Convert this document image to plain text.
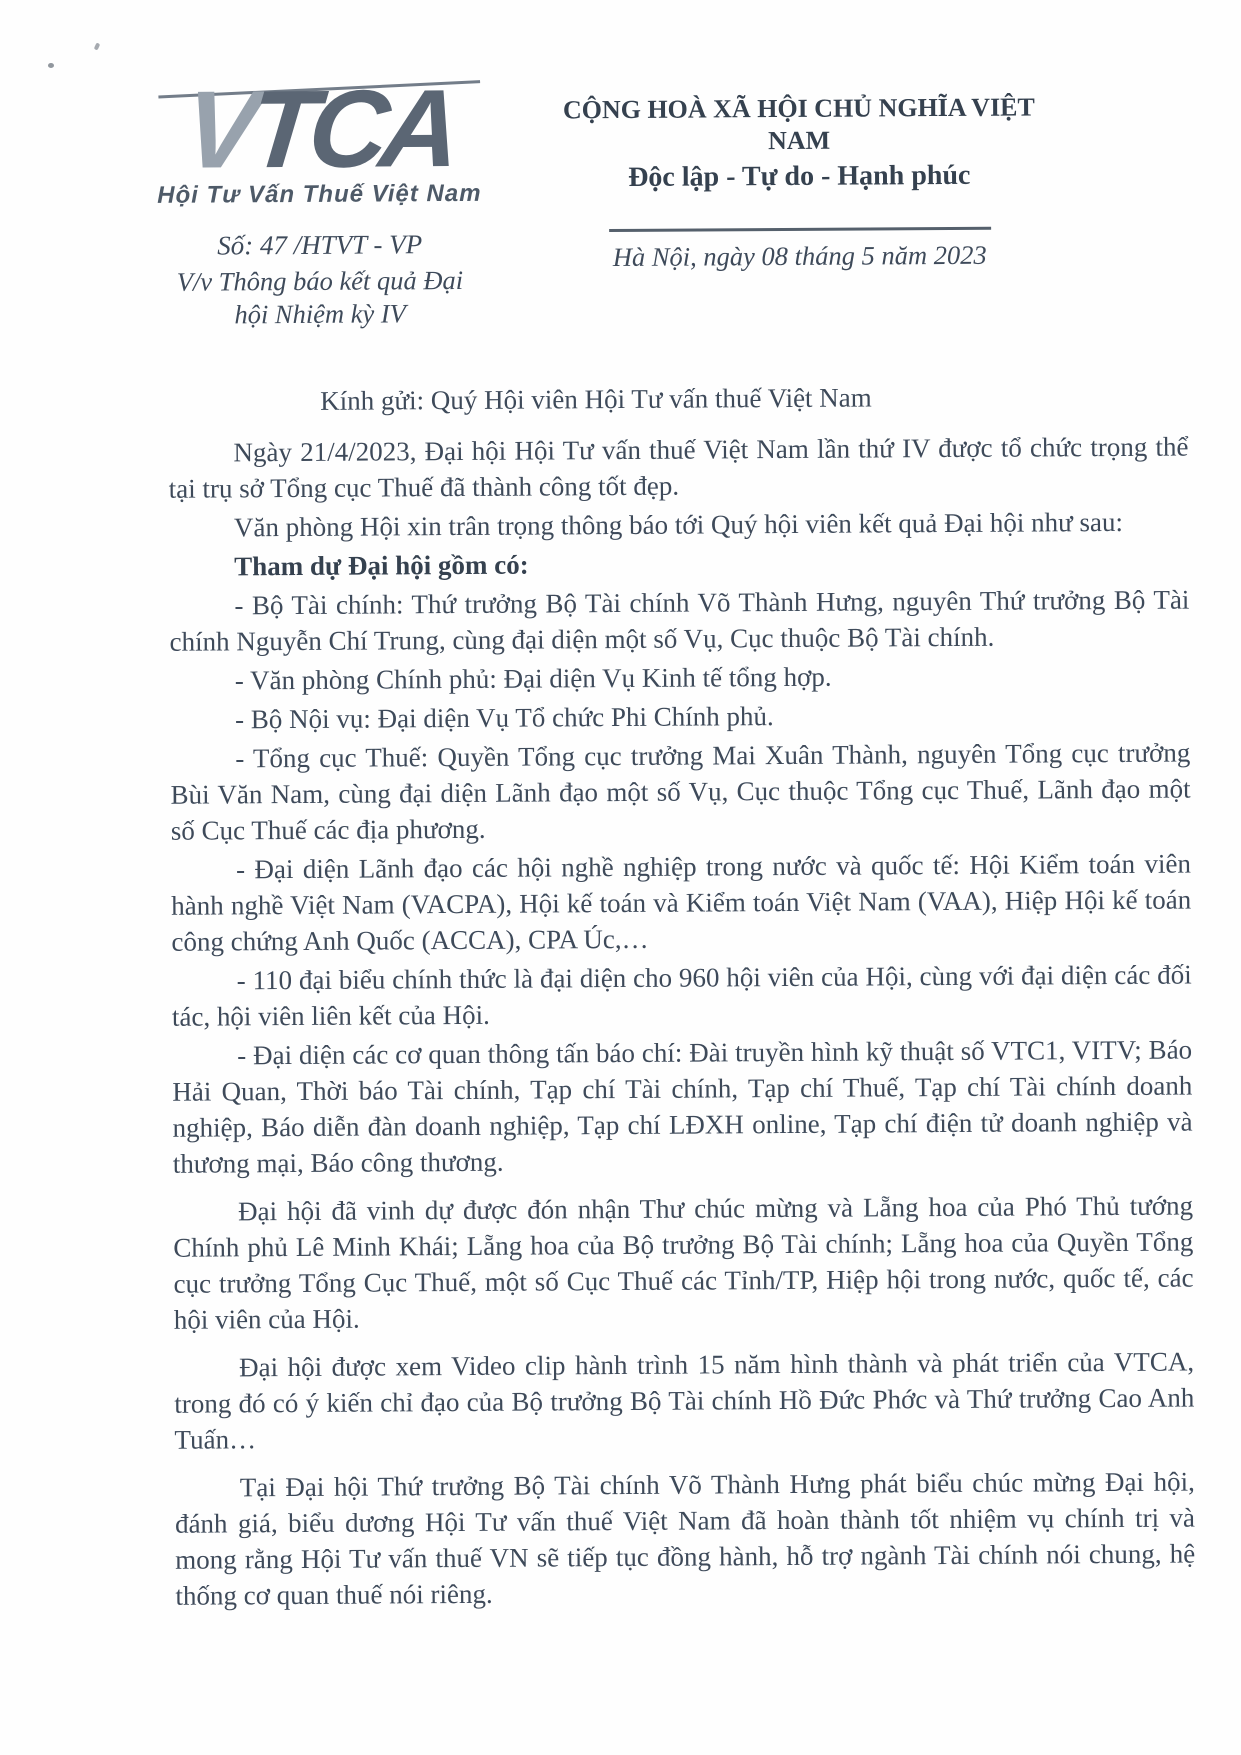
VTCA
Hội Tư Vấn Thuế Việt Nam
Số: 47 /HTVT - VP
V/v Thông báo kết quả Đại hội Nhiệm kỳ IV
CỘNG HOÀ XÃ HỘI CHỦ NGHĨA VIỆT NAM
Độc lập - Tự do - Hạnh phúc
Hà Nội, ngày 08 tháng 5 năm 2023

Kính gửi: Quý Hội viên Hội Tư vấn thuế Việt Nam

Ngày 21/4/2023, Đại hội Hội Tư vấn thuế Việt Nam lần thứ IV được tổ chức trọng thể tại trụ sở Tổng cục Thuế đã thành công tốt đẹp.

Văn phòng Hội xin trân trọng thông báo tới Quý hội viên kết quả Đại hội như sau:

Tham dự Đại hội gồm có:

- Bộ Tài chính: Thứ trưởng Bộ Tài chính Võ Thành Hưng, nguyên Thứ trưởng Bộ Tài chính Nguyễn Chí Trung, cùng đại diện một số Vụ, Cục thuộc Bộ Tài chính.

- Văn phòng Chính phủ: Đại diện Vụ Kinh tế tổng hợp.

- Bộ Nội vụ: Đại diện Vụ Tổ chức Phi Chính phủ.

- Tổng cục Thuế: Quyền Tổng cục trưởng Mai Xuân Thành, nguyên Tổng cục trưởng Bùi Văn Nam, cùng đại diện Lãnh đạo một số Vụ, Cục thuộc Tổng cục Thuế, Lãnh đạo một số Cục Thuế các địa phương.

- Đại diện Lãnh đạo các hội nghề nghiệp trong nước và quốc tế: Hội Kiểm toán viên hành nghề Việt Nam (VACPA), Hội kế toán và Kiểm toán Việt Nam (VAA), Hiệp Hội kế toán công chứng Anh Quốc (ACCA), CPA Úc,…

- 110 đại biểu chính thức là đại diện cho 960 hội viên của Hội, cùng với đại diện các đối tác, hội viên liên kết của Hội.

- Đại diện các cơ quan thông tấn báo chí: Đài truyền hình kỹ thuật số VTC1, VITV; Báo Hải Quan, Thời báo Tài chính, Tạp chí Tài chính, Tạp chí Thuế, Tạp chí Tài chính doanh nghiệp, Báo diễn đàn doanh nghiệp, Tạp chí LĐXH online, Tạp chí điện tử doanh nghiệp và thương mại, Báo công thương.

Đại hội đã vinh dự được đón nhận Thư chúc mừng và Lẵng hoa của Phó Thủ tướng Chính phủ Lê Minh Khái; Lẵng hoa của Bộ trưởng Bộ Tài chính; Lẵng hoa của Quyền Tổng cục trưởng Tổng Cục Thuế, một số Cục Thuế các Tỉnh/TP, Hiệp hội trong nước, quốc tế, các hội viên của Hội.

Đại hội được xem Video clip hành trình 15 năm hình thành và phát triển của VTCA, trong đó có ý kiến chỉ đạo của Bộ trưởng Bộ Tài chính Hồ Đức Phớc và Thứ trưởng Cao Anh Tuấn…

Tại Đại hội Thứ trưởng Bộ Tài chính Võ Thành Hưng phát biểu chúc mừng Đại hội, đánh giá, biểu dương Hội Tư vấn thuế Việt Nam đã hoàn thành tốt nhiệm vụ chính trị và mong rằng Hội Tư vấn thuế VN sẽ tiếp tục đồng hành, hỗ trợ ngành Tài chính nói chung, hệ thống cơ quan thuế nói riêng.
